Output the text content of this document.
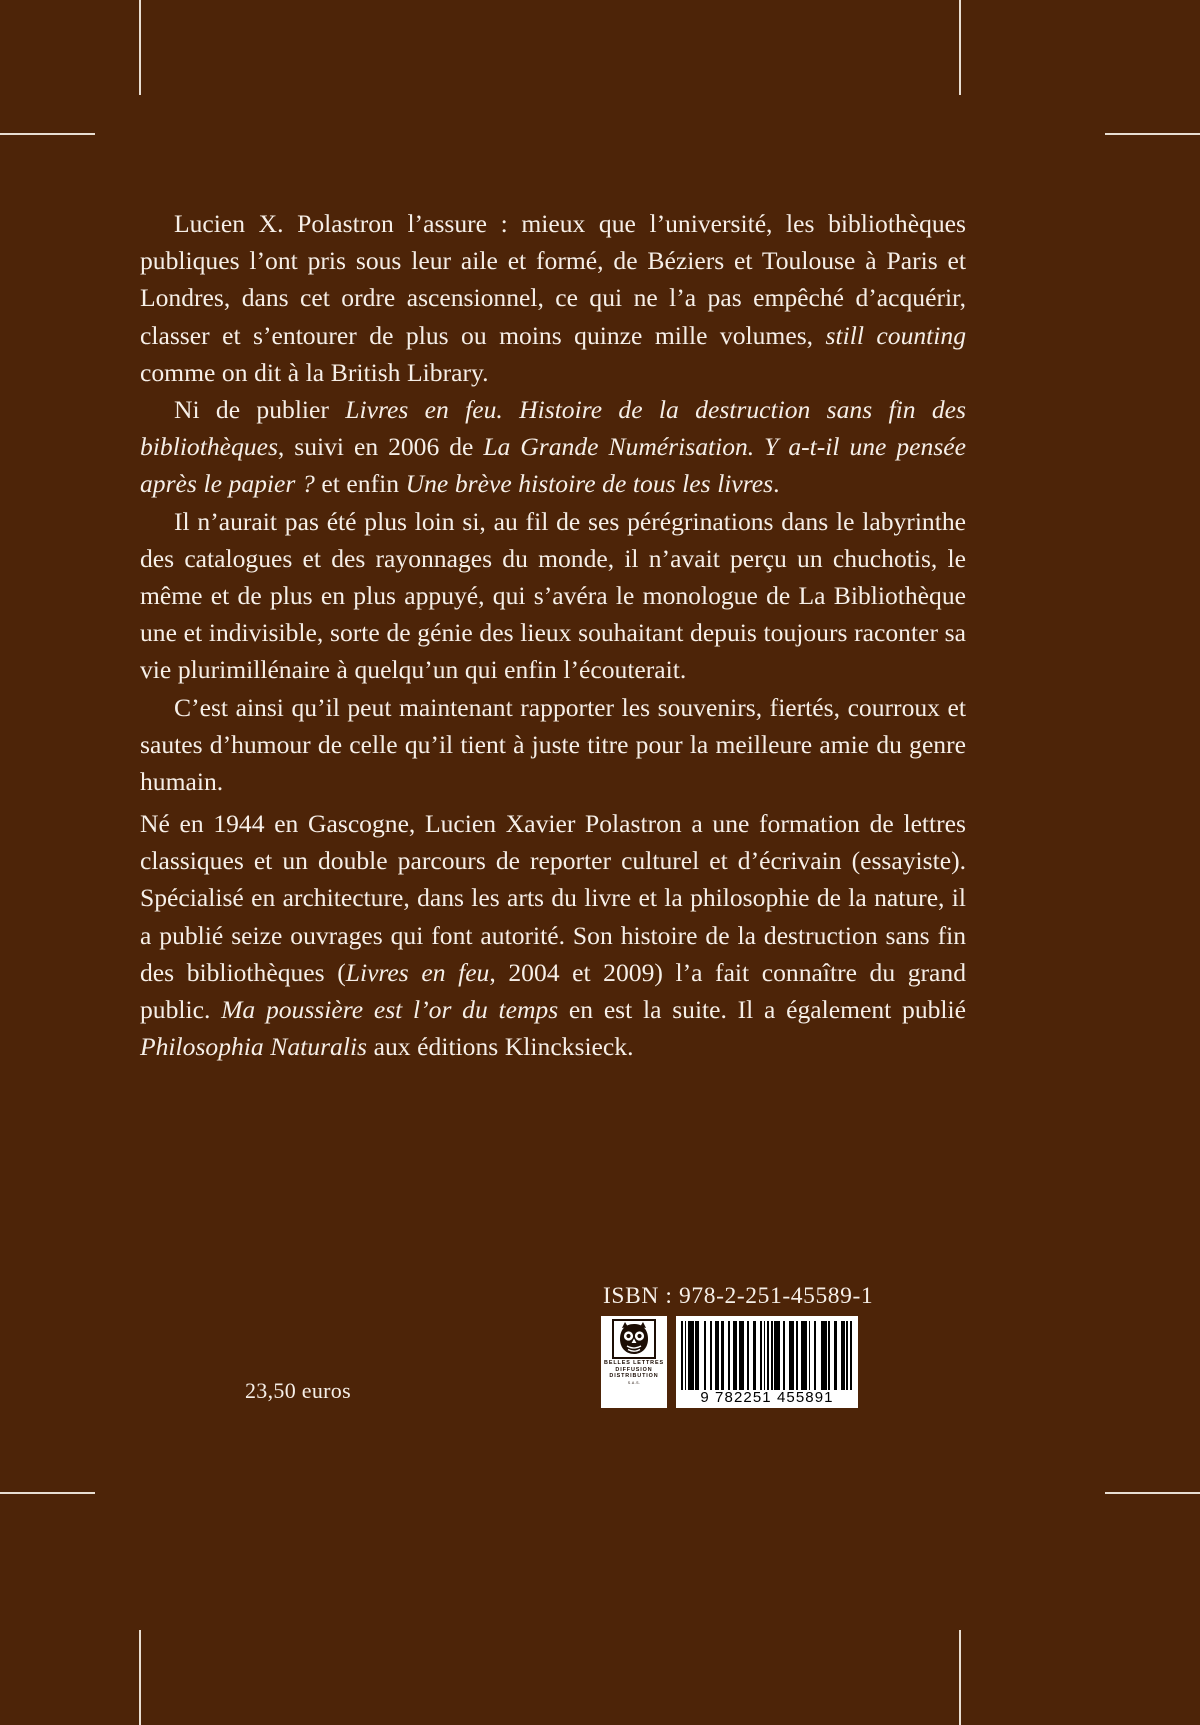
Lucien X. Polastron l’assure : mieux que l’université, les bibliothèques publiques l’ont pris sous leur aile et formé, de Béziers et Toulouse à Paris et Londres, dans cet ordre ascensionnel, ce qui ne l’a pas empêché d’acquérir, classer et s’entourer de plus ou moins quinze mille volumes, still counting comme on dit à la British Library.

Ni de publier Livres en feu. Histoire de la destruction sans fin des bibliothèques, suivi en 2006 de La Grande Numérisation. Y a-t-il une pensée après le papier ? et enfin Une brève histoire de tous les livres.

Il n’aurait pas été plus loin si, au fil de ses pérégrinations dans le labyrinthe des catalogues et des rayonnages du monde, il n’avait perçu un chuchotis, le même et de plus en plus appuyé, qui s’avéra le monologue de La Bibliothèque une et indivisible, sorte de génie des lieux souhaitant depuis toujours raconter sa vie plurimillénaire à quelqu’un qui enfin l’écouterait.

C’est ainsi qu’il peut maintenant rapporter les souvenirs, fiertés, courroux et sautes d’humour de celle qu’il tient à juste titre pour la meilleure amie du genre humain.

Né en 1944 en Gascogne, Lucien Xavier Polastron a une formation de lettres classiques et un double parcours de reporter culturel et d’écrivain (essayiste). Spécialisé en architecture, dans les arts du livre et la philosophie de la nature, il a publié seize ouvrages qui font autorité. Son histoire de la destruction sans fin des bibliothèques (Livres en feu, 2004 et 2009) l’a fait connaître du grand public. Ma poussière est l’or du temps en est la suite. Il a également publié Philosophia Naturalis aux éditions Klincksieck.

23,50 euros
ISBN : 978-2-251-45589-1
BELLES LETTRES
DIFFUSION
DISTRIBUTION
S.A.S.
9 782251 455891
